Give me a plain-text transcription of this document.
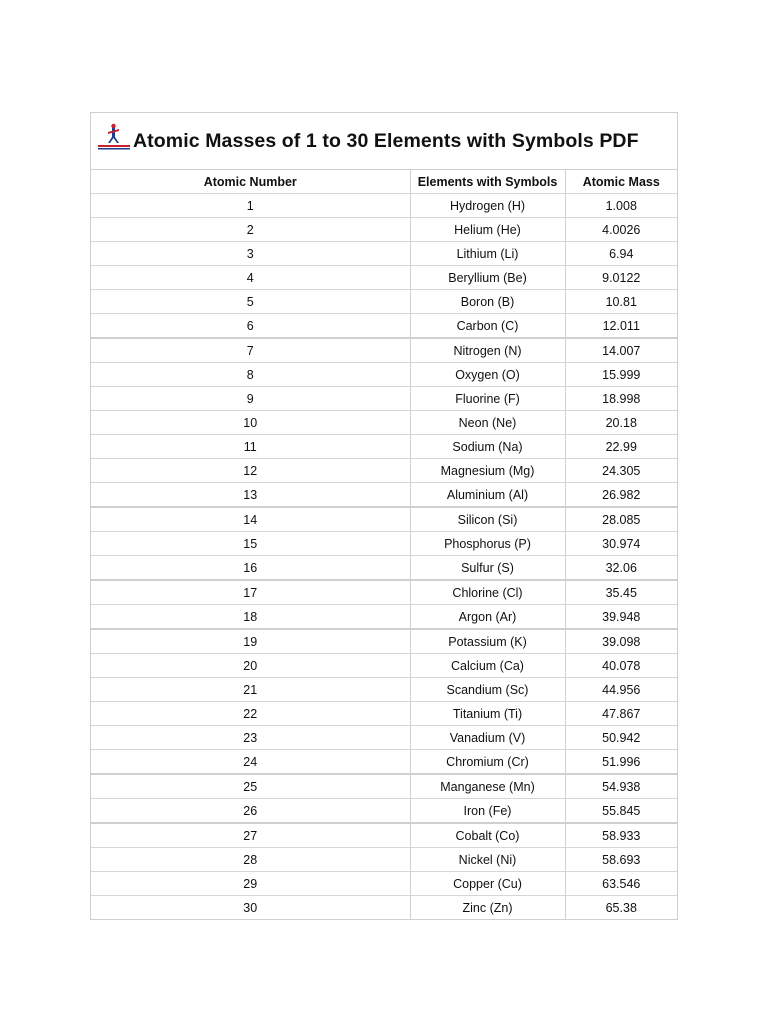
Atomic Masses of 1 to 30 Elements with Symbols PDF
Atomic Number	Elements with Symbols	Atomic Mass
1	Hydrogen (H)	1.008
2	Helium (He)	4.0026
3	Lithium (Li)	6.94
4	Beryllium (Be)	9.0122
5	Boron (B)	10.81
6	Carbon (C)	12.011
7	Nitrogen (N)	14.007
8	Oxygen (O)	15.999
9	Fluorine (F)	18.998
10	Neon (Ne)	20.18
11	Sodium (Na)	22.99
12	Magnesium (Mg)	24.305
13	Aluminium (Al)	26.982
14	Silicon (Si)	28.085
15	Phosphorus (P)	30.974
16	Sulfur (S)	32.06
17	Chlorine (Cl)	35.45
18	Argon (Ar)	39.948
19	Potassium (K)	39.098
20	Calcium (Ca)	40.078
21	Scandium (Sc)	44.956
22	Titanium (Ti)	47.867
23	Vanadium (V)	50.942
24	Chromium (Cr)	51.996
25	Manganese (Mn)	54.938
26	Iron (Fe)	55.845
27	Cobalt (Co)	58.933
28	Nickel (Ni)	58.693
29	Copper (Cu)	63.546
30	Zinc (Zn)	65.38
